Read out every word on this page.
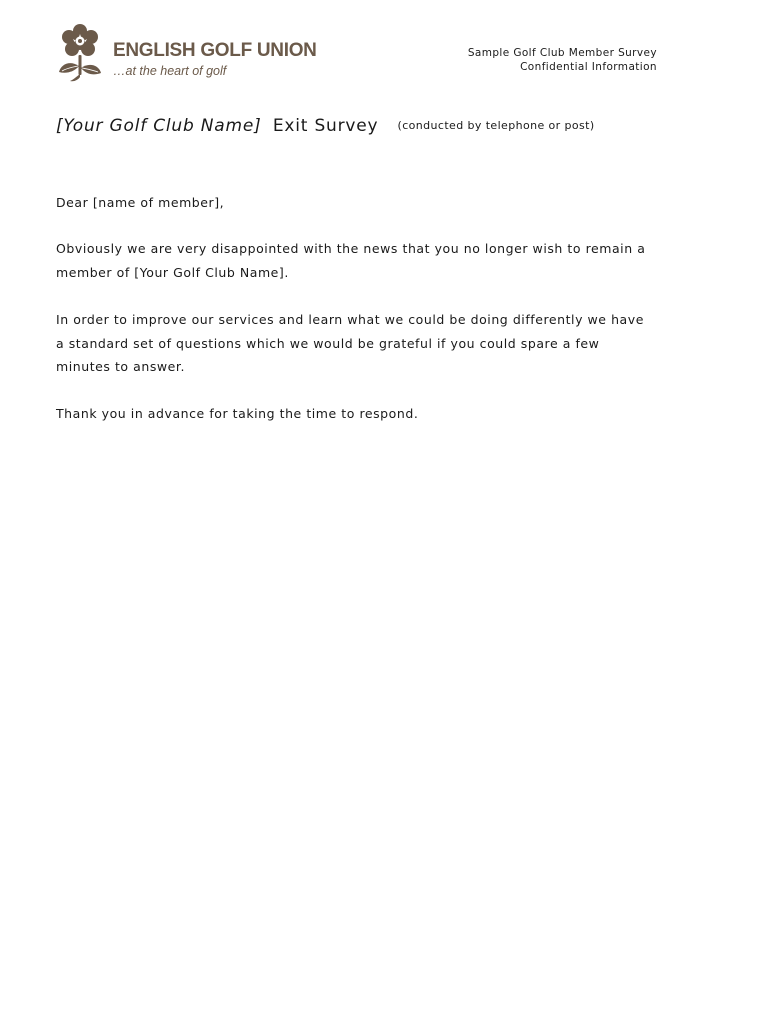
ENGLISH GOLF UNION
…at the heart of golf
Sample Golf Club Member Survey
Confidential Information
[Your Golf Club Name] Exit Survey (conducted by telephone or post)
Dear [name of member],
Obviously we are very disappointed with the news that you no longer wish to remain a member of [Your Golf Club Name].
In order to improve our services and learn what we could be doing differently we have a standard set of questions which we would be grateful if you could spare a few minutes to answer.
Thank you in advance for taking the time to respond.
